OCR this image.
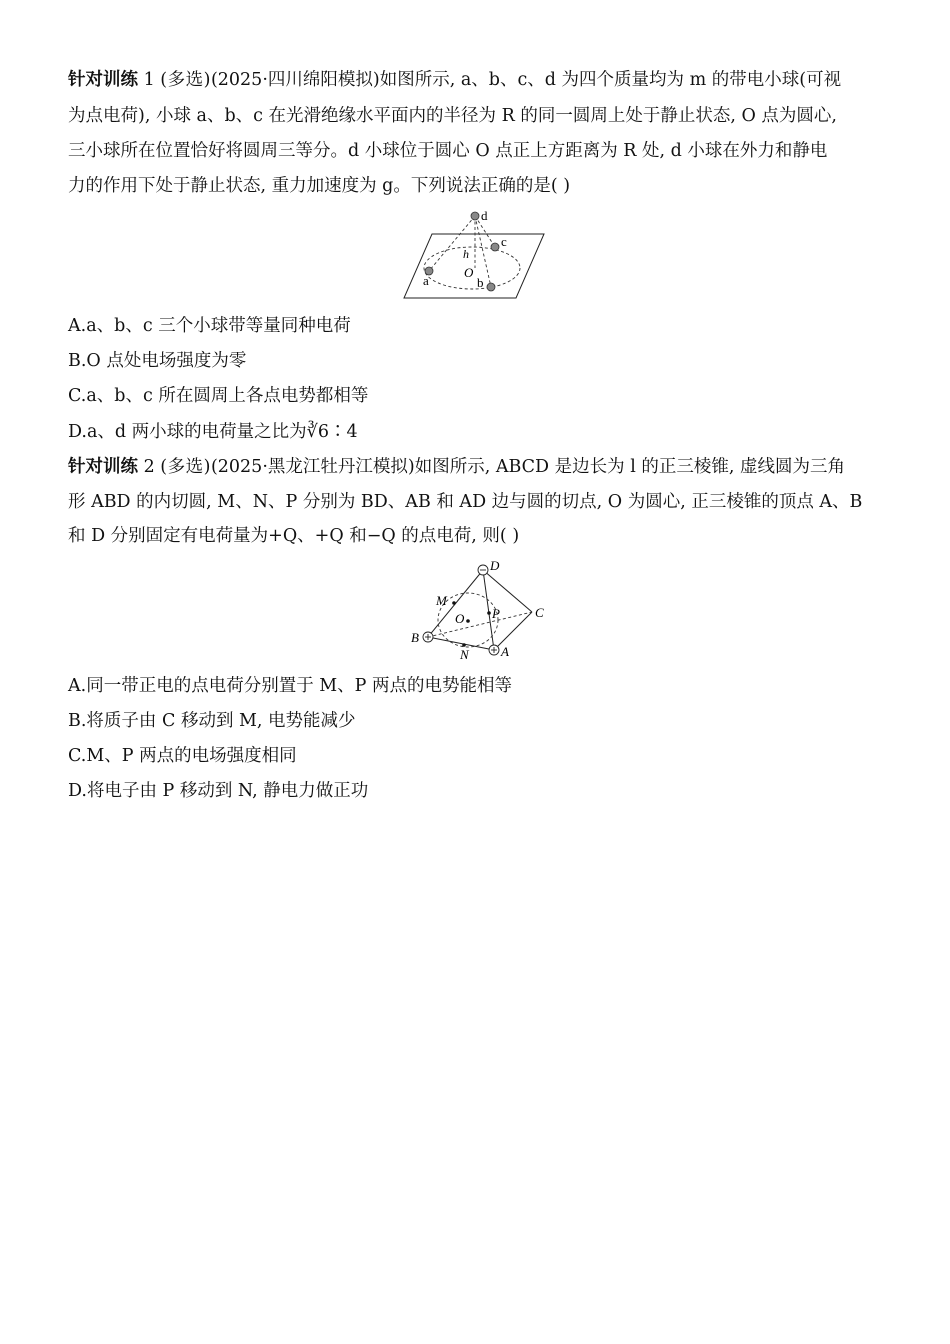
针对训练 1 (多选)(2025·四川绵阳模拟)如图所示, a、b、c、d 为四个质量均为 m 的带电小球(可视
为点电荷), 小球 a、b、c 在光滑绝缘水平面内的半径为 R 的同一圆周上处于静止状态, O 点为圆心,
三小球所在位置恰好将圆周三等分。d 小球位于圆心 O 点正上方距离为 R 处, d 小球在外力和静电
力的作用下处于静止状态, 重力加速度为 g。下列说法正确的是( )
d
c
h
O
a	b
A.a、b、c 三个小球带等量同种电荷
B.O 点处电场强度为零
C.a、b、c 所在圆周上各点电势都相等
D.a、d 两小球的电荷量之比为∛6∶4
针对训练 2 (多选)(2025·黑龙江牡丹江模拟)如图所示, ABCD 是边长为 l 的正三棱锥, 虚线圆为三角
形 ABD 的内切圆, M、N、P 分别为 BD、AB 和 AD 边与圆的切点, O 为圆心, 正三棱锥的顶点 A、B
和 D 分别固定有电荷量为+Q、+Q 和−Q 的点电荷, 则( )
D
M
P	C
O
B
N A
A.同一带正电的点电荷分别置于 M、P 两点的电势能相等
B.将质子由 C 移动到 M, 电势能减少
C.M、P 两点的电场强度相同
D.将电子由 P 移动到 N, 静电力做正功
